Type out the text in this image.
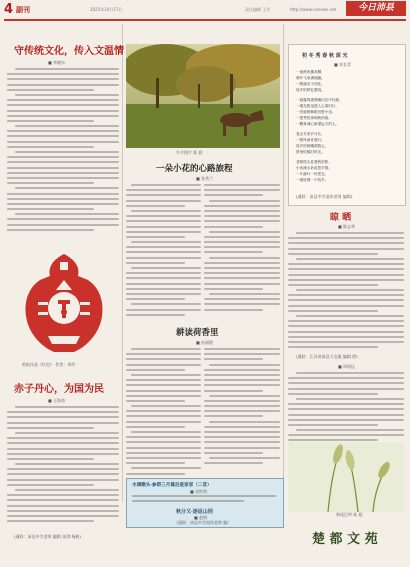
4 副刊	2025年10月17日	责任编辑 王芳	http://www.nxnews.net	今日沛县
守传统文化，传入文温情
■ 李晓东
剪纸作品《红色》 作者：李玲
赤子丹心，为国为民
■ 王海涛
(通联：沛县中学老师 编辑 张琪 杨帆)
牛羊图片 陈 晨
一朵小花的心路旅程
■ 张秀兰
耕读荷香里
■ 孙丽霞
初 冬 秀 春 秋 深 光
■ 刘长青
一夜秋风拂高柳，
黄叶飞来满庭幽。
一路落花不知处，
故乡的梦忆萦绕。
一滴露珠透晨曦闪光中闪烁，
一缕光影浸透人心扉旧行，
一首旋律飘散田野小径。
一把琴弦弹响秋的韵，
一颗真诚心盼望远方的人。
春去冬来岁月长，
一路风雨伴我行。
故乡的晨曦照我心，
梦里依稀旧时光。
老树枝头挂着秋的影，
小河流水诉说思乡情。
一片落叶一份思念，
一缕炊烟一个故乡。
(通联：沛县中学退休老师 编辑)
晾 晒
■ 陈志华
(通联：江苏省沛县大屯镇 编辑 徐)
■ 周明远
狗尾巴草 陈 超
水调歌头·参祭三月诞后是家家（二首）
■ 刘世明
秋分又·逐返山别
■ 赵明
（通联：沛县中学退休老师 编）
楚 都 文 苑
